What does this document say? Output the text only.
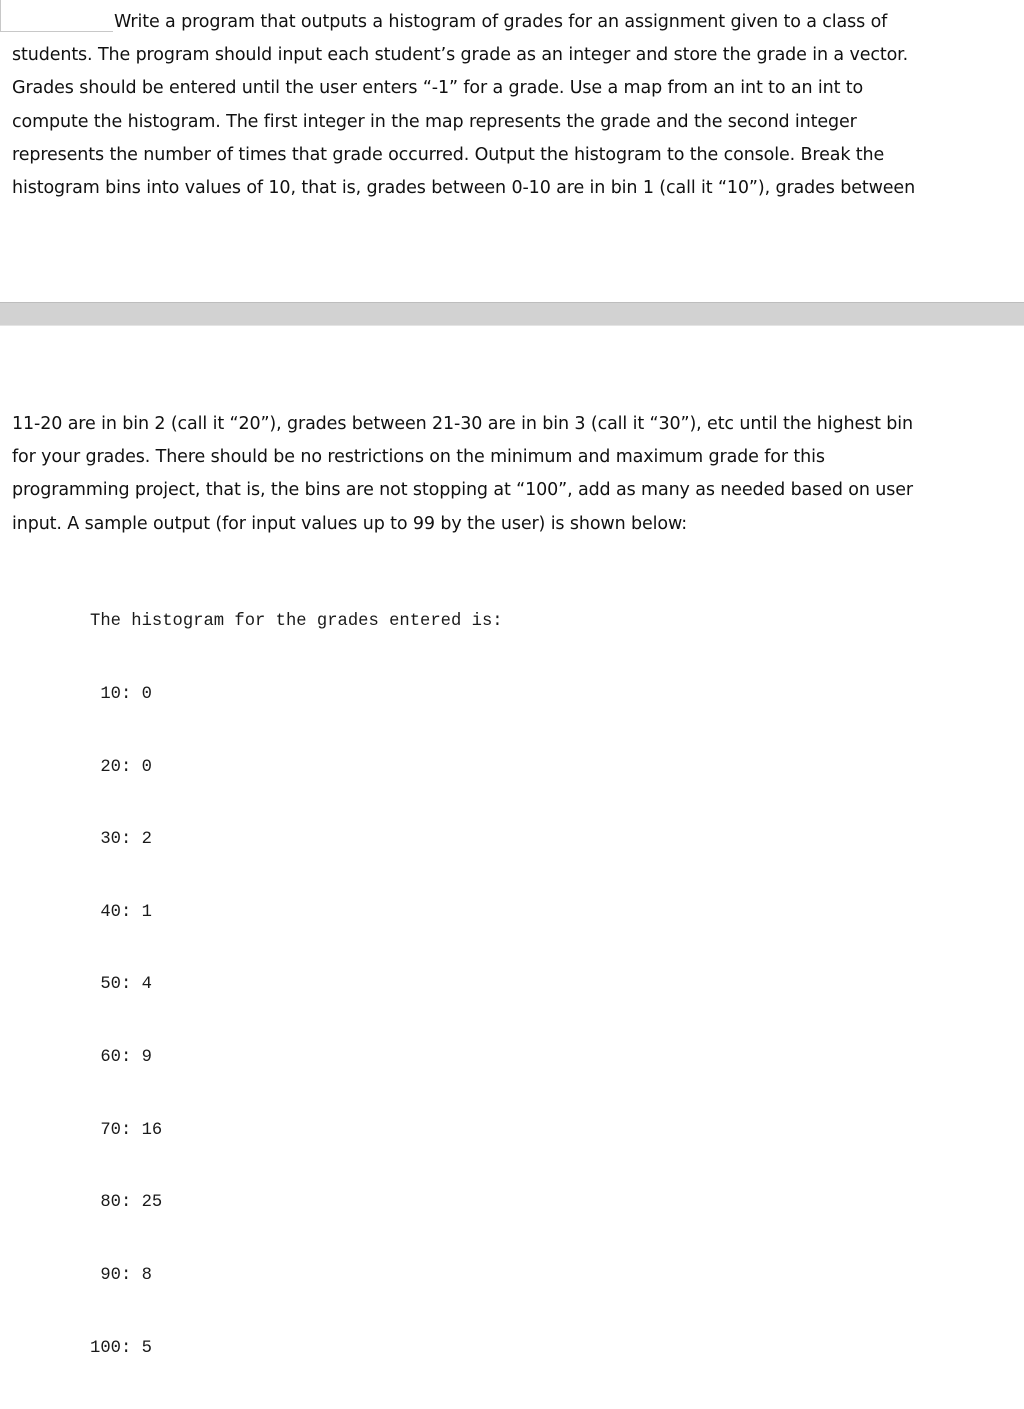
Write a program that outputs a histogram of grades for an assignment given to a class of
students. The program should input each student’s grade as an integer and store the grade in a vector.
Grades should be entered until the user enters “-1” for a grade. Use a map from an int to an int to
compute the histogram. The first integer in the map represents the grade and the second integer
represents the number of times that grade occurred. Output the histogram to the console. Break the
histogram bins into values of 10, that is, grades between 0-10 are in bin 1 (call it “10”), grades between

11-20 are in bin 2 (call it “20”), grades between 21-30 are in bin 3 (call it “30”), etc until the highest bin
for your grades. There should be no restrictions on the minimum and maximum grade for this
programming project, that is, the bins are not stopping at “100”, add as many as needed based on user
input. A sample output (for input values up to 99 by the user) is shown below:

The histogram for the grades entered is:

10: 0

20: 0

30: 2

40: 1

50: 4

60: 9

70: 16

80: 25

90: 8

100: 5
